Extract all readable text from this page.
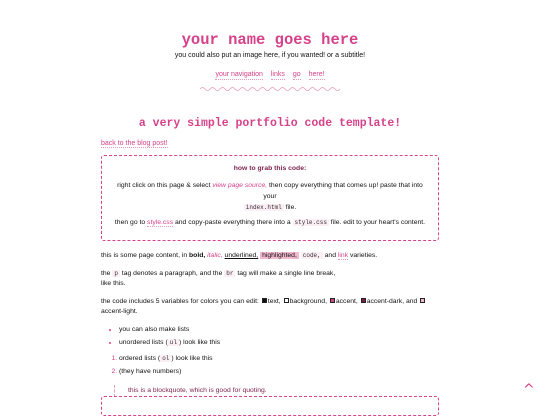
your name goes here
you could also put an image here, if you wanted! or a subtitle!
your navigation links go here!
a very simple portfolio code template!
back to the blog post!
how to grab this code:

right click on this page & select view page source, then copy everything that comes up! paste that into your
index.html file.

then go to style.css and copy-paste everything there into a style.css file. edit to your heart's content.

this is some page content, in bold, italic, underlined, highlighted, code, and link varieties.

the p tag denotes a paragraph, and the br tag will make a single line break,
like this.

the code includes 5 variables for colors you can edit: text, background, accent, accent-dark, and
accent-light.

• you can also make lists
• unordered lists ( ul ) look like this
1. ordered lists ( ol ) look like this
2. (they have numbers)
this is a blockquote, which is good for quoting.	^
